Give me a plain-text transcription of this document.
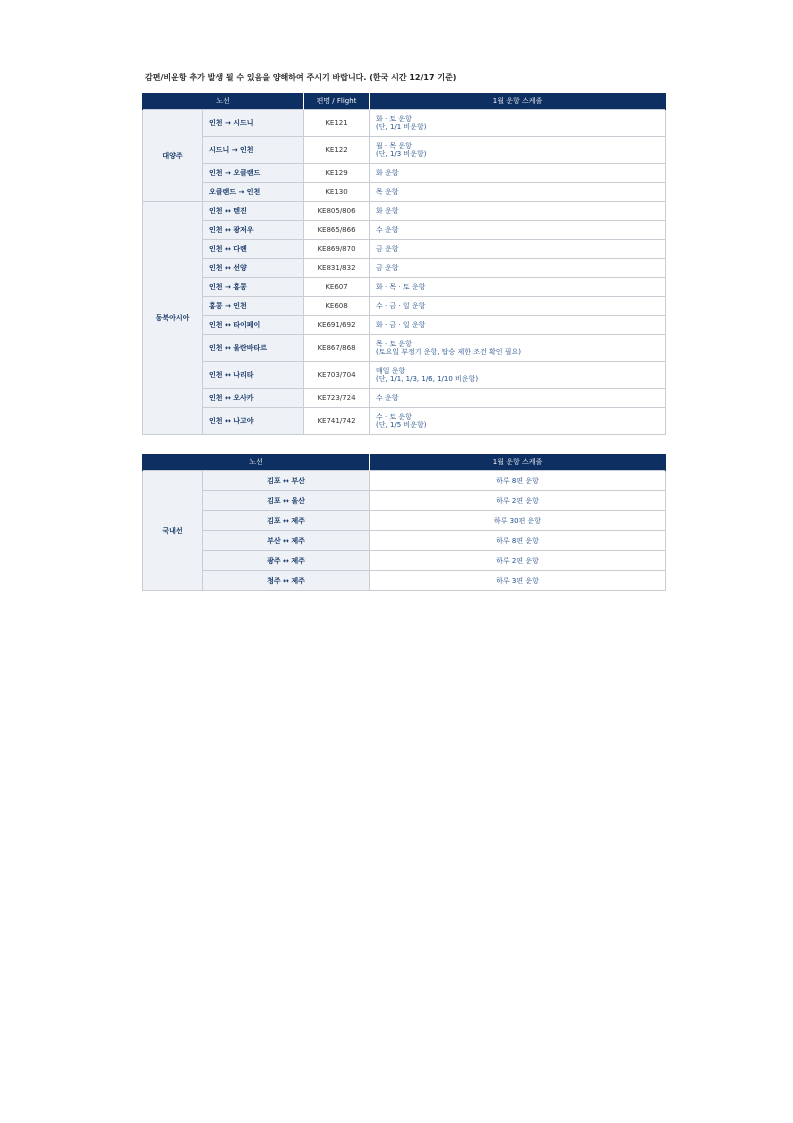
감편/비운항 추가 발생 될 수 있음을 양해하여 주시기 바랍니다. (한국 시간 12/17 기준)
노선		편명 / Flight	1월 운항 스케줄
대양주	인천 → 시드니	KE121	화 · 토 운항
(단, 1/1 비운항)

	시드니 → 인천	KE122	월 · 목 운항
(단, 1/3 비운항)

	인천 → 오클랜드	KE129	화 운항

	오클랜드 → 인천	KE130	목 운항

동북아시아	인천 ↔ 텐진	KE805/806	화 운항

	인천 ↔ 광저우	KE865/866	수 운항

	인천 ↔ 다롄	KE869/870	금 운항

	인천 ↔ 선양	KE831/832	금 운항

	인천 → 홍콩	KE607	화 · 목 · 토 운항

	홍콩 → 인천	KE608	수 · 금 · 일 운항

	인천 ↔ 타이페이	KE691/692	화 · 금 · 일 운항

	인천 ↔ 울란바타르	KE867/868	목 · 토 운항
(토요일 부정기 운항, 탑승 제한 조건 확인 필요)

	인천 ↔ 나리타	KE703/704	매일 운항
(단, 1/1, 1/3, 1/6, 1/10 비운항)

	인천 ↔ 오사카	KE723/724	수 운항

	인천 ↔ 나고야	KE741/742	수 · 토 운항
(단, 1/5 비운항)
노선		1월 운항 스케줄
국내선	김포 ↔ 부산	하루 8편 운항
	김포 ↔ 울산	하루 2편 운항
	김포 ↔ 제주	하루 30편 운항
	부산 ↔ 제주	하루 8편 운항
	광주 ↔ 제주	하루 2편 운항
	청주 ↔ 제주	하루 3편 운항
